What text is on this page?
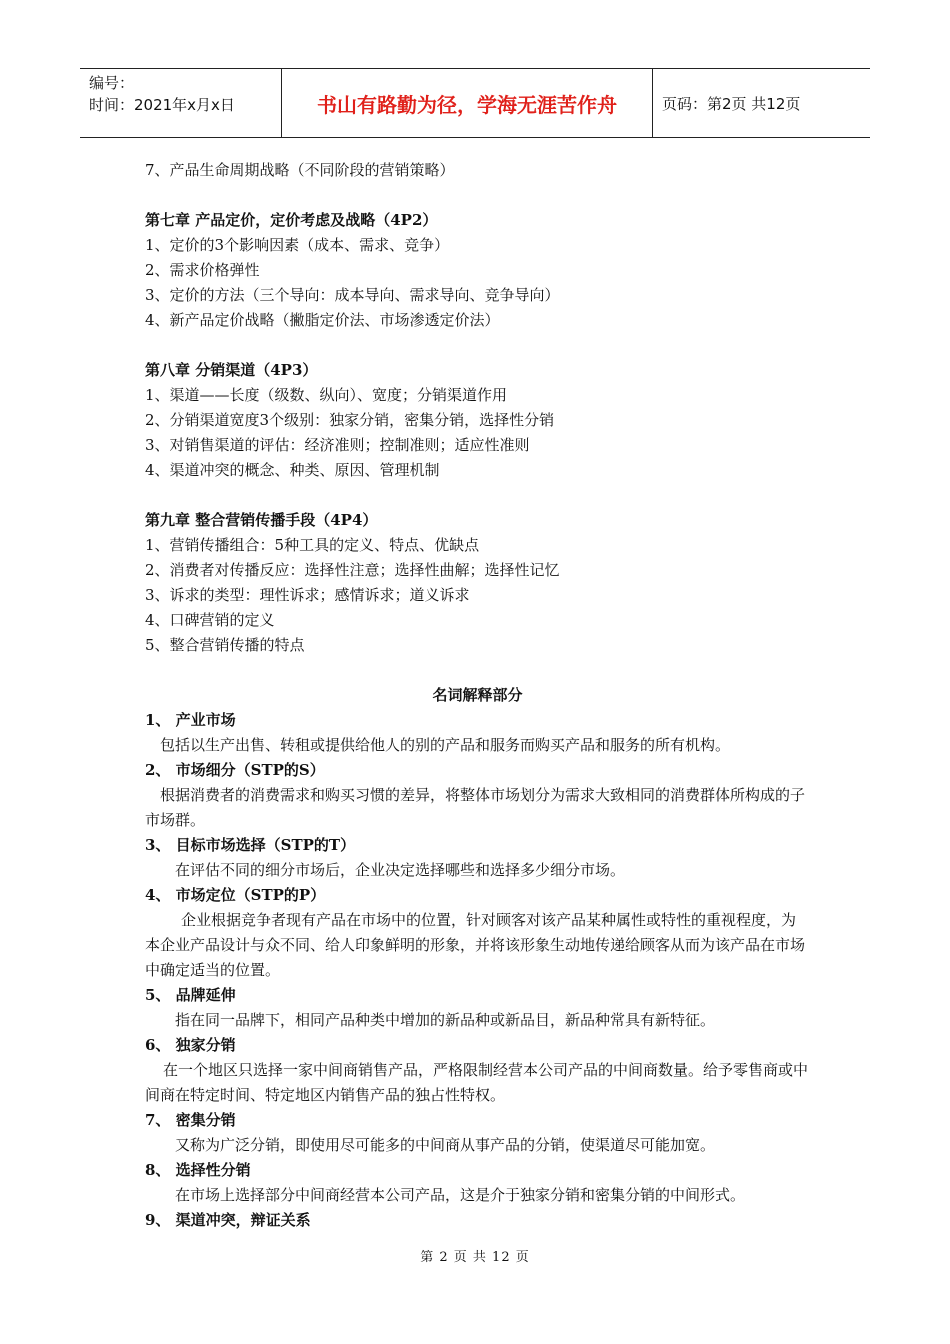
编号：
时间：2021年x月x日	书山有路勤为径，学海无涯苦作舟	页码：第2页 共12页
7、产品生命周期战略（不同阶段的营销策略）
第七章 产品定价，定价考虑及战略（4P2）
1、定价的3个影响因素（成本、需求、竞争）
2、需求价格弹性
3、定价的方法（三个导向：成本导向、需求导向、竞争导向）
4、新产品定价战略（撇脂定价法、市场渗透定价法）
第八章 分销渠道（4P3）
1、渠道——长度（级数、纵向）、宽度；分销渠道作用
2、分销渠道宽度3个级别：独家分销，密集分销，选择性分销
3、对销售渠道的评估：经济准则；控制准则；适应性准则
4、渠道冲突的概念、种类、原因、管理机制
第九章 整合营销传播手段（4P4）
1、营销传播组合：5种工具的定义、特点、优缺点
2、消费者对传播反应：选择性注意；选择性曲解；选择性记忆
3、诉求的类型：理性诉求；感情诉求；道义诉求
4、口碑营销的定义
5、整合营销传播的特点
名词解释部分
1、 产业市场
包括以生产出售、转租或提供给他人的别的产品和服务而购买产品和服务的所有机构。
2、 市场细分（STP的S）
根据消费者的消费需求和购买习惯的差异，将整体市场划分为需求大致相同的消费群体所构成的子市场群。
3、 目标市场选择（STP的T）
在评估不同的细分市场后，企业决定选择哪些和选择多少细分市场。
4、 市场定位（STP的P）
企业根据竞争者现有产品在市场中的位置，针对顾客对该产品某种属性或特性的重视程度，为本企业产品设计与众不同、给人印象鲜明的形象，并将该形象生动地传递给顾客从而为该产品在市场中确定适当的位置。
5、 品牌延伸
指在同一品牌下，相同产品种类中增加的新品种或新品目，新品种常具有新特征。
6、 独家分销
在一个地区只选择一家中间商销售产品，严格限制经营本公司产品的中间商数量。给予零售商或中间商在特定时间、特定地区内销售产品的独占性特权。
7、 密集分销
又称为广泛分销，即使用尽可能多的中间商从事产品的分销，使渠道尽可能加宽。
8、 选择性分销
在市场上选择部分中间商经营本公司产品，这是介于独家分销和密集分销的中间形式。
9、 渠道冲突，辩证关系
第 2 页 共 12 页
